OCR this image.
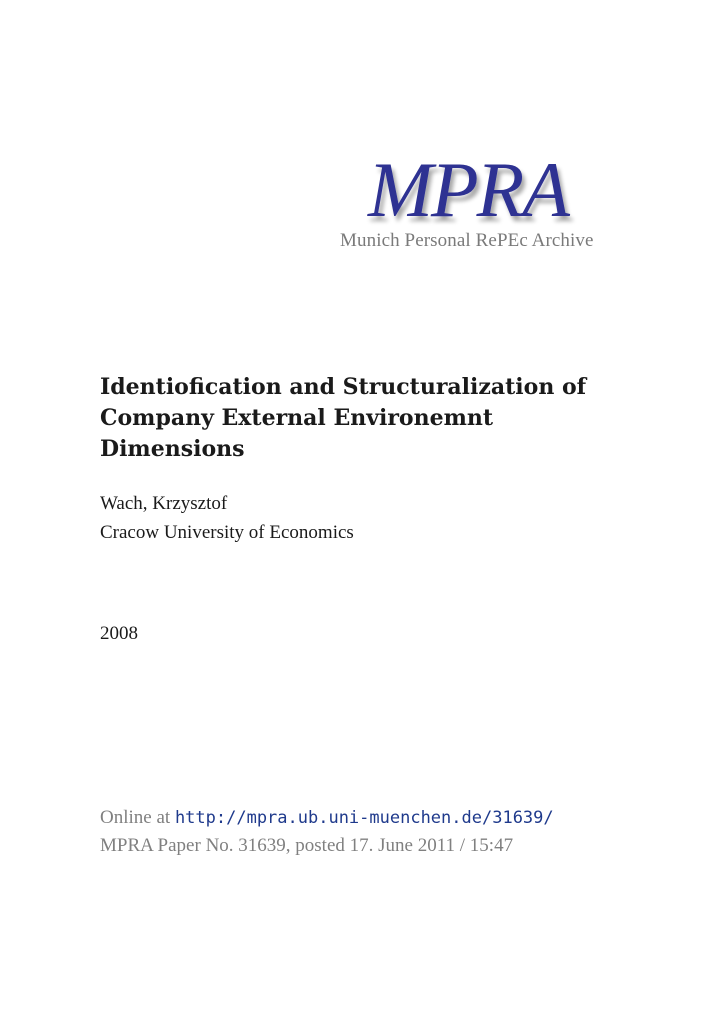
MPRA
Munich Personal RePEc Archive
Identiofication and Structuralization of
Company External Environemnt
Dimensions
Wach, Krzysztof
Cracow University of Economics
2008
Online at http://mpra.ub.uni-muenchen.de/31639/
MPRA Paper No. 31639, posted 17. June 2011 / 15:47
